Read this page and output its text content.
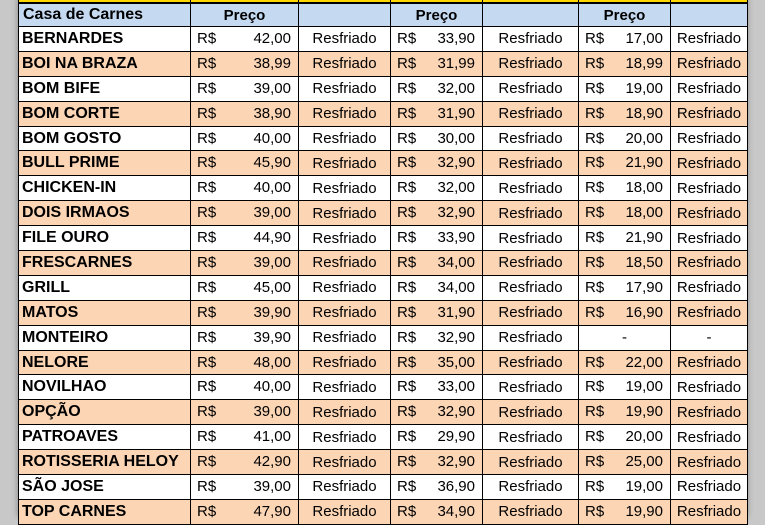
Casa de Carnes	Preço		Preço		Preço	
BERNARDES	R$ 42,00	Resfriado	R$ 33,90	Resfriado	R$ 17,00	Resfriado
BOI NA BRAZA	R$ 38,99	Resfriado	R$ 31,99	Resfriado	R$ 18,99	Resfriado
BOM BIFE	R$ 39,00	Resfriado	R$ 32,00	Resfriado	R$ 19,00	Resfriado
BOM CORTE	R$ 38,90	Resfriado	R$ 31,90	Resfriado	R$ 18,90	Resfriado
BOM GOSTO	R$ 40,00	Resfriado	R$ 30,00	Resfriado	R$ 20,00	Resfriado
BULL PRIME	R$ 45,90	Resfriado	R$ 32,90	Resfriado	R$ 21,90	Resfriado
CHICKEN-IN	R$ 40,00	Resfriado	R$ 32,00	Resfriado	R$ 18,00	Resfriado
DOIS IRMAOS	R$ 39,00	Resfriado	R$ 32,90	Resfriado	R$ 18,00	Resfriado
FILE OURO	R$ 44,90	Resfriado	R$ 33,90	Resfriado	R$ 21,90	Resfriado
FRESCARNES	R$ 39,00	Resfriado	R$ 34,00	Resfriado	R$ 18,50	Resfriado
GRILL	R$ 45,00	Resfriado	R$ 34,00	Resfriado	R$ 17,90	Resfriado
MATOS	R$ 39,90	Resfriado	R$ 31,90	Resfriado	R$ 16,90	Resfriado
MONTEIRO	R$ 39,90	Resfriado	R$ 32,90	Resfriado	-	-
NELORE	R$ 48,00	Resfriado	R$ 35,00	Resfriado	R$ 22,00	Resfriado
NOVILHAO	R$ 40,00	Resfriado	R$ 33,00	Resfriado	R$ 19,00	Resfriado
OPÇÃO	R$ 39,00	Resfriado	R$ 32,90	Resfriado	R$ 19,90	Resfriado
PATROAVES	R$ 41,00	Resfriado	R$ 29,90	Resfriado	R$ 20,00	Resfriado
ROTISSERIA HELOY	R$ 42,90	Resfriado	R$ 32,90	Resfriado	R$ 25,00	Resfriado
SÃO JOSE	R$ 39,00	Resfriado	R$ 36,90	Resfriado	R$ 19,00	Resfriado
TOP CARNES	R$ 47,90	Resfriado	R$ 34,90	Resfriado	R$ 19,90	Resfriado
